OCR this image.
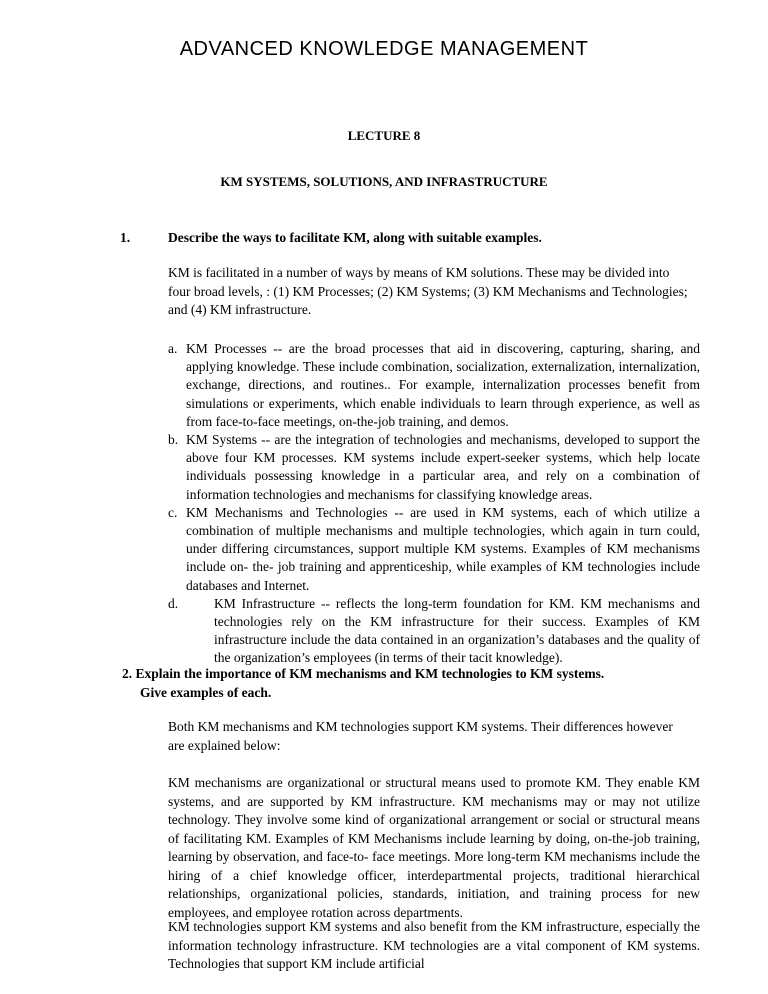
ADVANCED KNOWLEDGE MANAGEMENT
LECTURE 8
KM SYSTEMS, SOLUTIONS, AND INFRASTRUCTURE
1.	Describe the ways to facilitate KM, along with suitable examples.
KM is facilitated in a number of ways by means of KM solutions. These may be divided into four broad levels, : (1) KM Processes; (2) KM Systems; (3) KM Mechanisms and Technologies; and (4) KM infrastructure.
a. KM Processes -- are the broad processes that aid in discovering, capturing, sharing, and applying knowledge. These include combination, socialization, externalization, internalization, exchange, directions, and routines.. For example, internalization processes benefit from simulations or experiments, which enable individuals to learn through experience, as well as from face-to-face meetings, on-the-job training, and demos.
b. KM Systems -- are the integration of technologies and mechanisms, developed to support the above four KM processes. KM systems include expert-seeker systems, which help locate individuals possessing knowledge in a particular area, and rely on a combination of information technologies and mechanisms for classifying knowledge areas.
c. KM Mechanisms and Technologies -- are used in KM systems, each of which utilize a combination of multiple mechanisms and multiple technologies, which again in turn could, under differing circumstances, support multiple KM systems. Examples of KM mechanisms include on- the- job training and apprenticeship, while examples of KM technologies include databases and Internet.
d.	KM Infrastructure -- reflects the long-term foundation for KM. KM mechanisms and technologies rely on the KM infrastructure for their success. Examples of KM infrastructure include the data contained in an organization’s databases and the quality of the organization’s employees (in terms of their tacit knowledge).
2. Explain the importance of KM mechanisms and KM technologies to KM systems.
Give examples of each.
Both KM mechanisms and KM technologies support KM systems. Their differences however are explained below:
KM mechanisms are organizational or structural means used to promote KM. They enable KM systems, and are supported by KM infrastructure. KM mechanisms may or may not utilize technology. They involve some kind of organizational arrangement or social or structural means of facilitating KM. Examples of KM Mechanisms include learning by doing, on-the-job training, learning by observation, and face-to- face meetings. More long-term KM mechanisms include the hiring of a chief knowledge officer, interdepartmental projects, traditional hierarchical relationships, organizational policies, standards, initiation, and training process for new employees, and employee rotation across departments.
KM technologies support KM systems and also benefit from the KM infrastructure, especially the information technology infrastructure. KM technologies are a vital component of KM systems. Technologies that support KM include artificial
